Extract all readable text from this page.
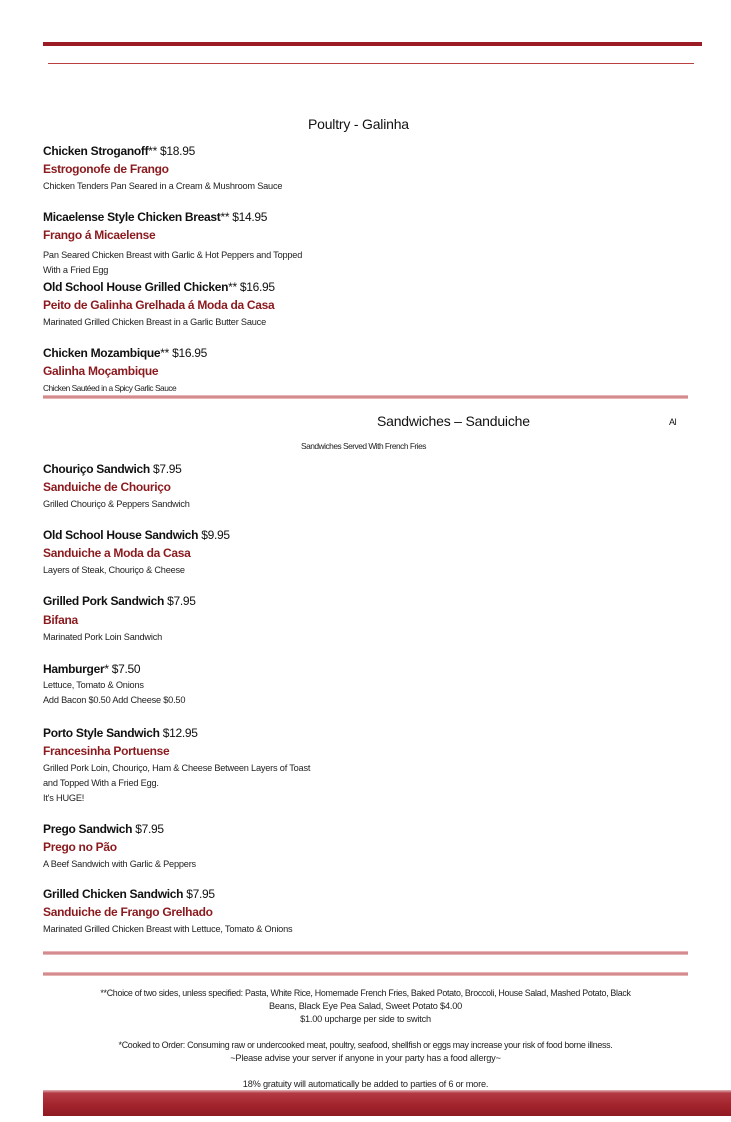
Poultry - Galinha
Chicken Stroganoff** $18.95
Estrogonofe de Frango
Chicken Tenders Pan Seared in a Cream & Mushroom Sauce
Micaelense Style Chicken Breast** $14.95
Frango á Micaelense
Pan Seared Chicken Breast with Garlic & Hot Peppers and Topped
With a Fried Egg
Old School House Grilled Chicken** $16.95
Peito de Galinha Grelhada á Moda da Casa
Marinated Grilled Chicken Breast in a Garlic Butter Sauce
Chicken Mozambique** $16.95
Galinha Moçambique
Chicken Sautéed in a Spicy Garlic Sauce
Sandwiches – Sanduiche	Al
Sandwiches Served With French Fries
Chouriço Sandwich $7.95
Sanduiche de Chouriço
Grilled Chouriço & Peppers Sandwich
Old School House Sandwich $9.95
Sanduiche a Moda da Casa
Layers of Steak, Chouriço & Cheese
Grilled Pork Sandwich $7.95
Bifana
Marinated Pork Loin Sandwich
Hamburger* $7.50
Lettuce, Tomato & Onions
Add Bacon $0.50 Add Cheese $0.50
Porto Style Sandwich $12.95
Francesinha Portuense
Grilled Pork Loin, Chouriço, Ham & Cheese Between Layers of Toast
and Topped With a Fried Egg.
It's HUGE!
Prego Sandwich $7.95
Prego no Pão
A Beef Sandwich with Garlic & Peppers
Grilled Chicken Sandwich $7.95
Sanduiche de Frango Grelhado
Marinated Grilled Chicken Breast with Lettuce, Tomato & Onions
**Choice of two sides, unless specified: Pasta, White Rice, Homemade French Fries, Baked Potato, Broccoli, House Salad, Mashed Potato, Black
Beans, Black Eye Pea Salad, Sweet Potato $4.00
$1.00 upcharge per side to switch
*Cooked to Order: Consuming raw or undercooked meat, poultry, seafood, shellfish or eggs may increase your risk of food borne illness.
~Please advise your server if anyone in your party has a food allergy~
18% gratuity will automatically be added to parties of 6 or more.
